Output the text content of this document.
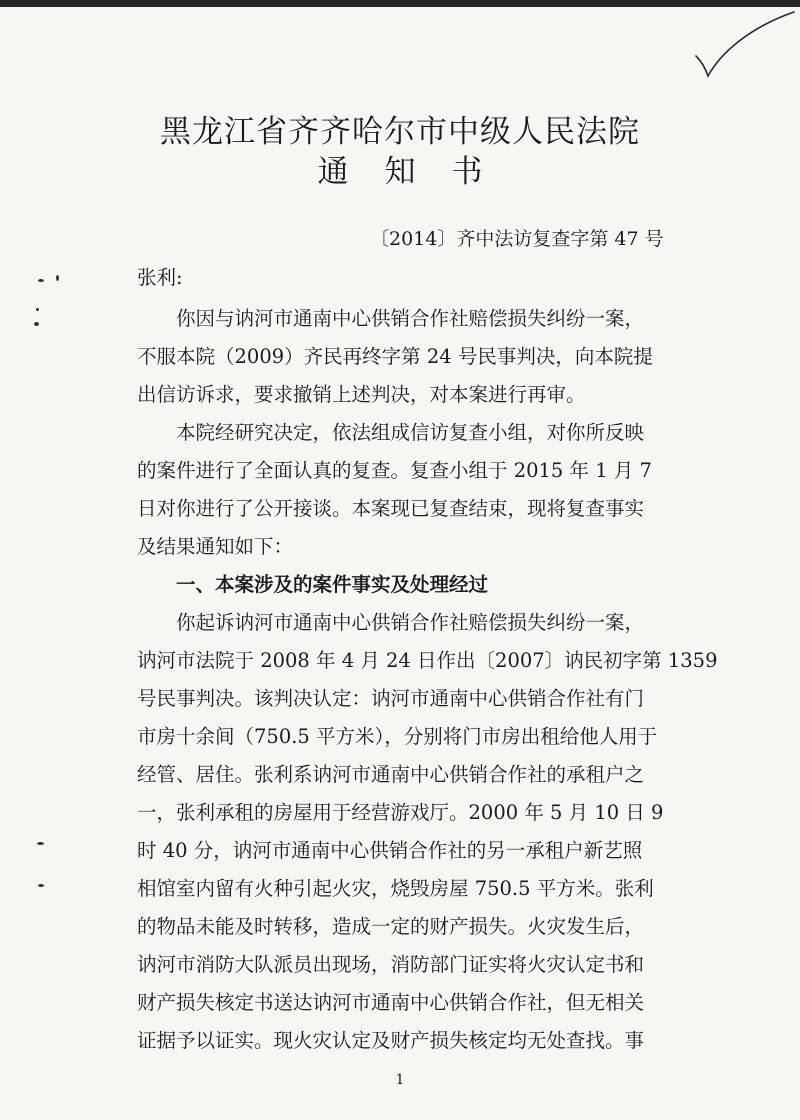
黑龙江省齐齐哈尔市中级人民法院
通知书
〔2014〕齐中法访复查字第 47 号
张利:
你因与讷河市通南中心供销合作社赔偿损失纠纷一案，
不服本院（2009）齐民再终字第 24 号民事判决，向本院提
出信访诉求，要求撤销上述判决，对本案进行再审。
本院经研究决定，依法组成信访复查小组，对你所反映
的案件进行了全面认真的复查。复查小组于 2015 年 1 月 7
日对你进行了公开接谈。本案现已复查结束，现将复查事实
及结果通知如下：
一、本案涉及的案件事实及处理经过
你起诉讷河市通南中心供销合作社赔偿损失纠纷一案，
讷河市法院于 2008 年 4 月 24 日作出〔2007〕讷民初字第 1359
号民事判决。该判决认定：讷河市通南中心供销合作社有门
市房十余间（750.5 平方米），分别将门市房出租给他人用于
经管、居住。张利系讷河市通南中心供销合作社的承租户之
一，张利承租的房屋用于经营游戏厅。2000 年 5 月 10 日 9
时 40 分，讷河市通南中心供销合作社的另一承租户新艺照
相馆室内留有火种引起火灾，烧毁房屋 750.5 平方米。张利
的物品未能及时转移，造成一定的财产损失。火灾发生后，
讷河市消防大队派员出现场，消防部门证实将火灾认定书和
财产损失核定书送达讷河市通南中心供销合作社，但无相关
证据予以证实。现火灾认定及财产损失核定均无处查找。事
1
